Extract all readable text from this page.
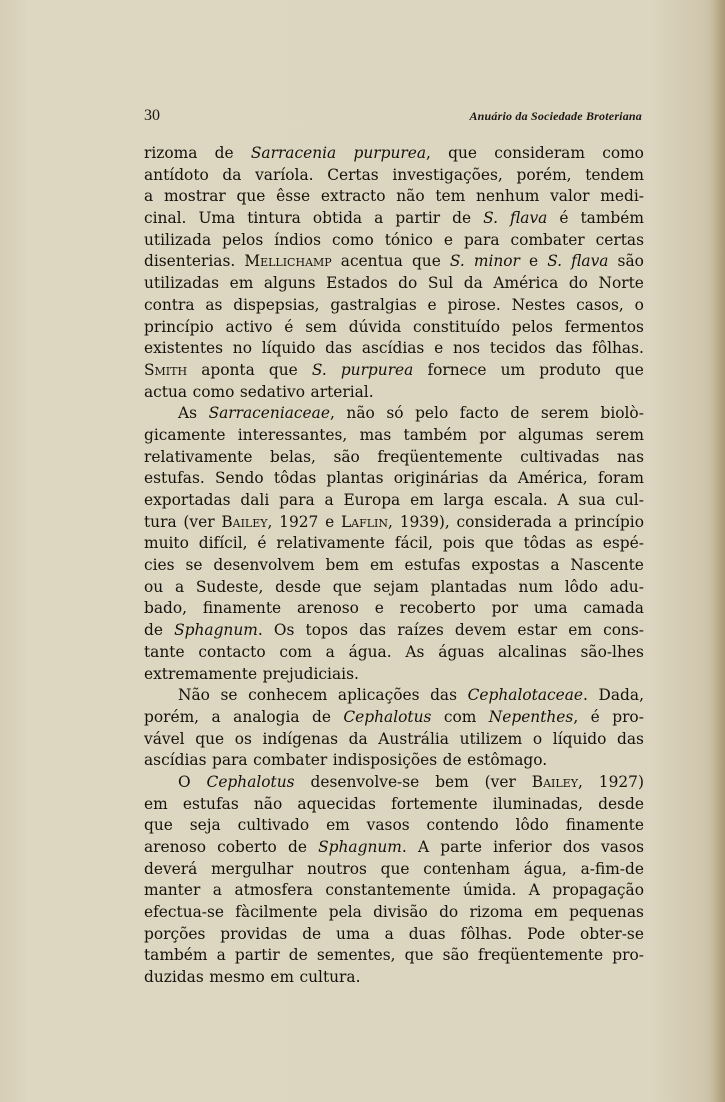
30	Anuário da Sociedade Broteriana
rizoma de Sarracenia purpurea, que consideram como
antídoto da varíola. Certas investigações, porém, tendem
a mostrar que êsse extracto não tem nenhum valor medi-
cinal. Uma tintura obtida a partir de S. flava é também
utilizada pelos índios como tónico e para combater certas
disenterias. Mellichamp acentua que S. minor e S. flava são
utilizadas em alguns Estados do Sul da América do Norte
contra as dispepsias, gastralgias e pirose. Nestes casos, o
princípio activo é sem dúvida constituído pelos fermentos
existentes no líquido das ascídias e nos tecidos das fôlhas.
Smith aponta que S. purpurea fornece um produto que
actua como sedativo arterial.
As Sarraceniaceae, não só pelo facto de serem biolò-
gicamente interessantes, mas também por algumas serem
relativamente belas, são freqüentemente cultivadas nas
estufas. Sendo tôdas plantas originárias da América, foram
exportadas dali para a Europa em larga escala. A sua cul-
tura (ver Bailey, 1927 e Laflin, 1939), considerada a princípio
muito difícil, é relativamente fácil, pois que tôdas as espé-
cies se desenvolvem bem em estufas expostas a Nascente
ou a Sudeste, desde que sejam plantadas num lôdo adu-
bado, finamente arenoso e recoberto por uma camada
de Sphagnum. Os topos das raízes devem estar em cons-
tante contacto com a água. As águas alcalinas são-lhes
extremamente prejudiciais.
Não se conhecem aplicações das Cephalotaceae. Dada,
porém, a analogia de Cephalotus com Nepenthes, é pro-
vável que os indígenas da Austrália utilizem o líquido das
ascídias para combater indisposições de estômago.
O Cephalotus desenvolve-se bem (ver Bailey, 1927)
em estufas não aquecidas fortemente iluminadas, desde
que seja cultivado em vasos contendo lôdo finamente
arenoso coberto de Sphagnum. A parte inferior dos vasos
deverá mergulhar noutros que contenham água, a-fim-de
manter a atmosfera constantemente úmida. A propagação
efectua-se fàcilmente pela divisão do rizoma em pequenas
porções providas de uma a duas fôlhas. Pode obter-se
também a partir de sementes, que são freqüentemente pro-
duzidas mesmo em cultura.
